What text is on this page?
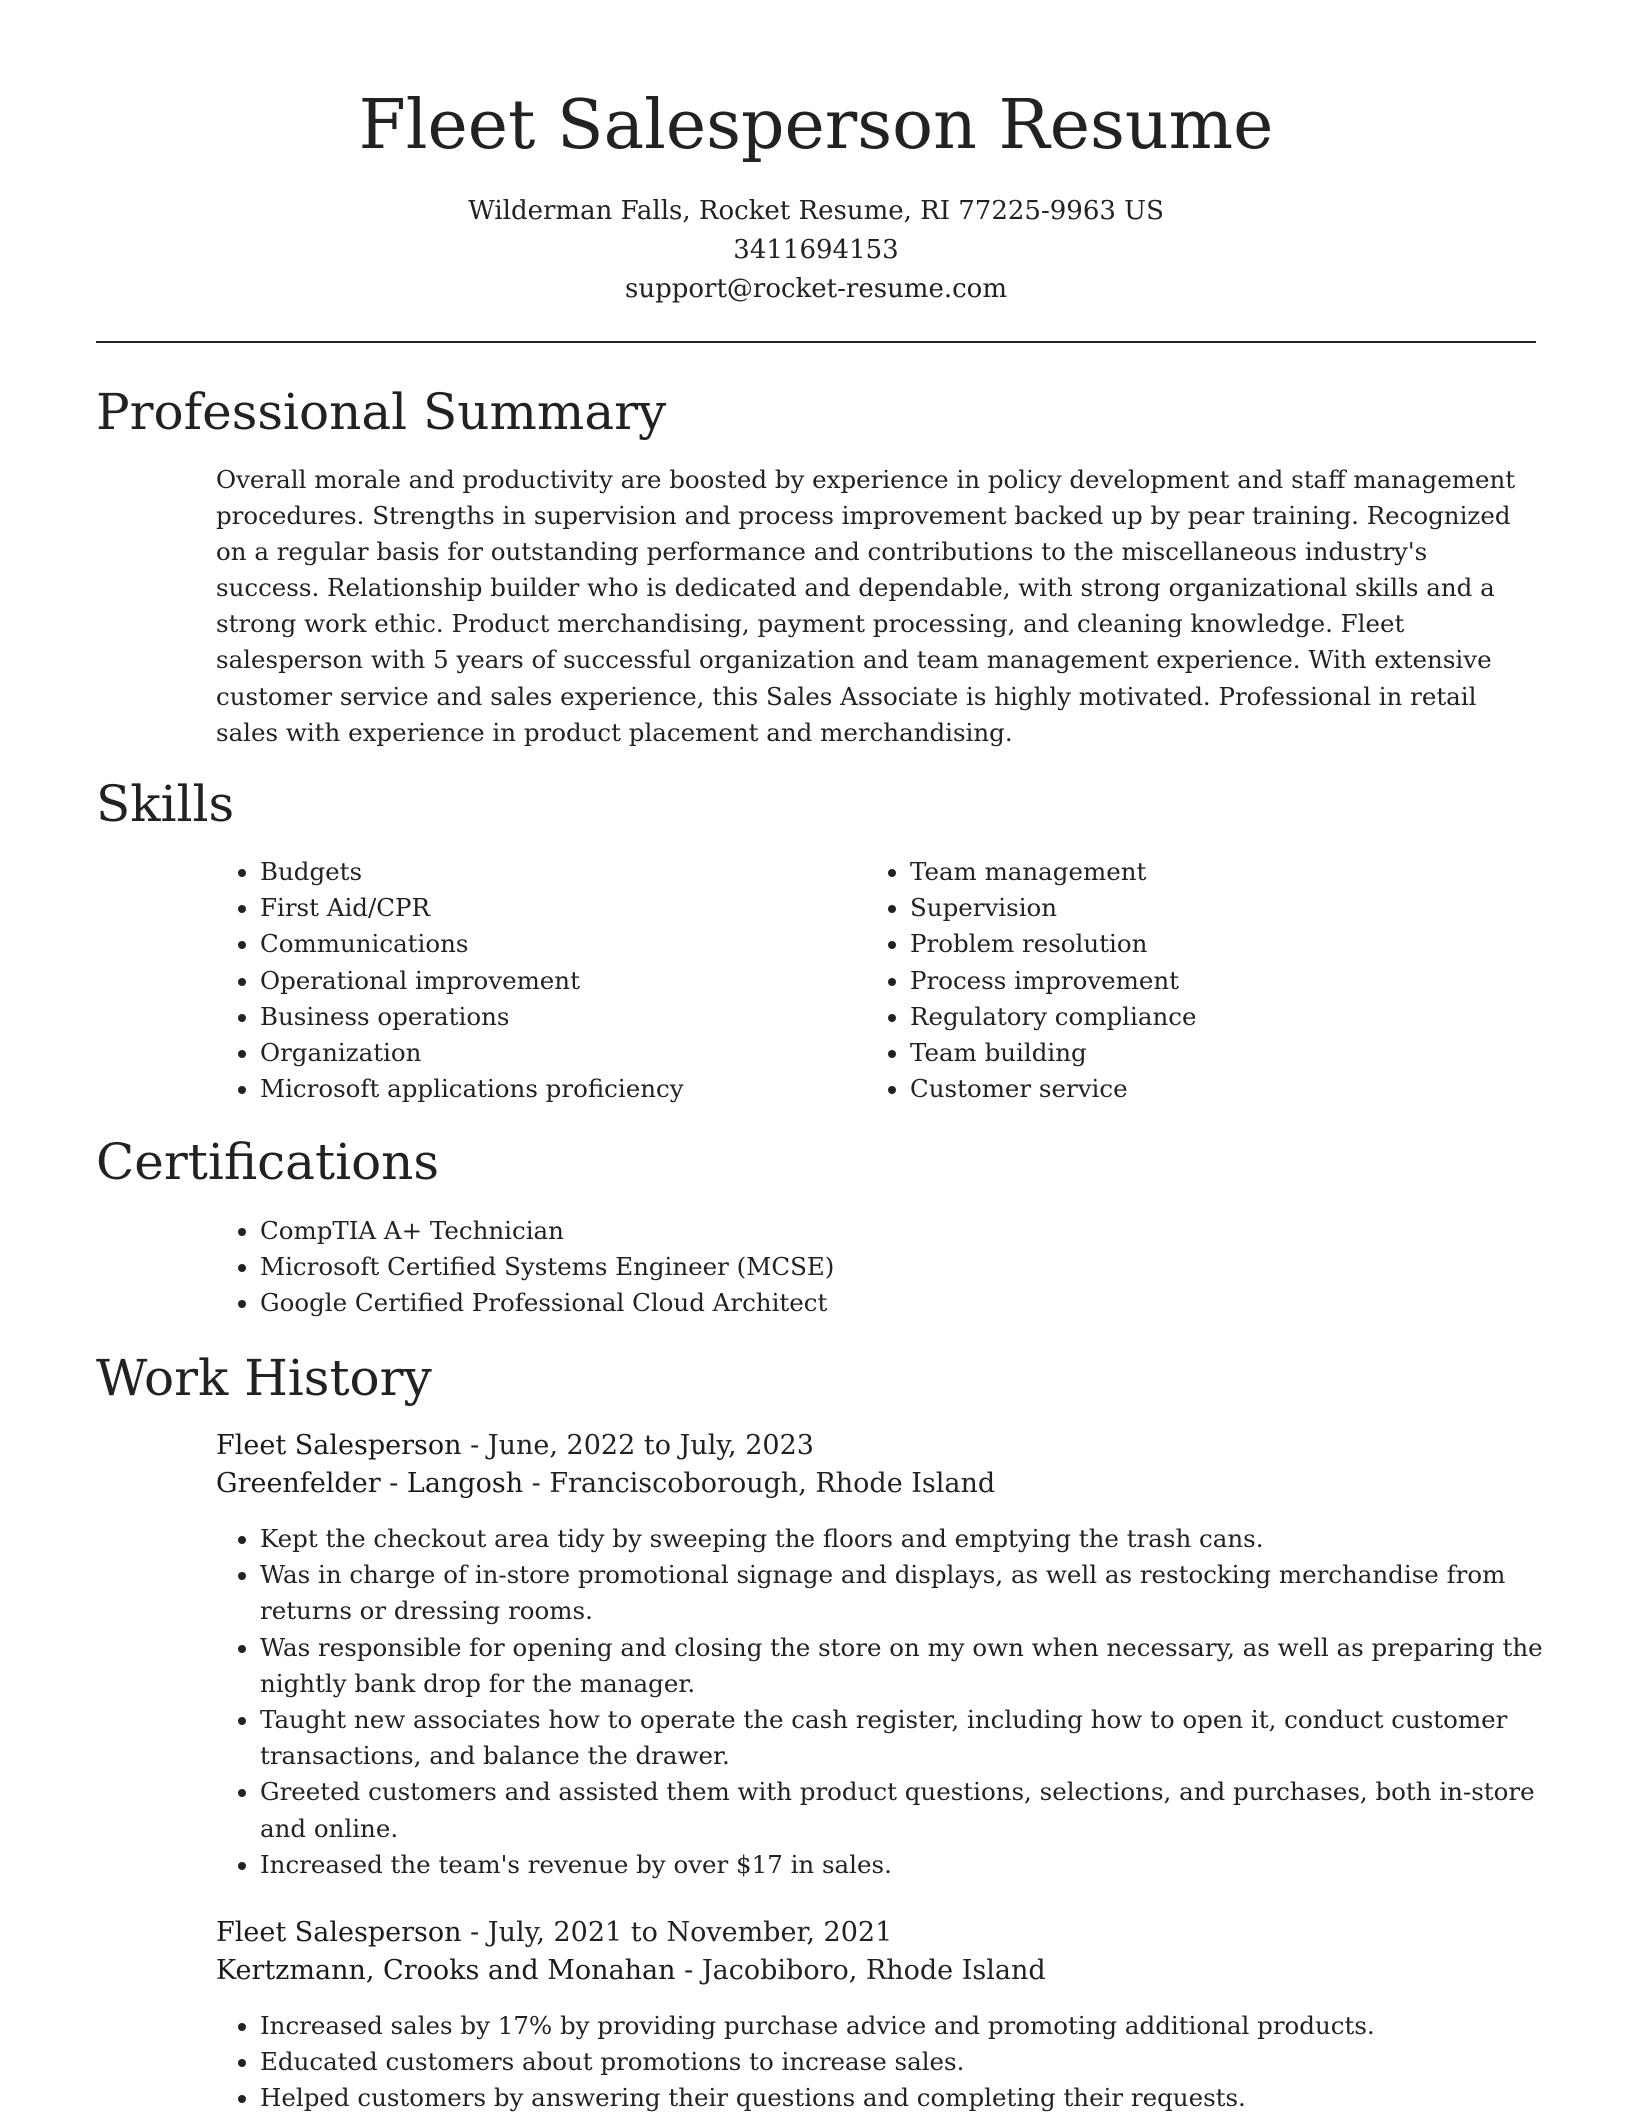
Fleet Salesperson Resume
Wilderman Falls, Rocket Resume, RI 77225-9963 US
3411694153
support@rocket-resume.com
Professional Summary

Overall morale and productivity are boosted by experience in policy development and staff management procedures. Strengths in supervision and process improvement backed up by pear training. Recognized on a regular basis for outstanding performance and contributions to the miscellaneous industry's success. Relationship builder who is dedicated and dependable, with strong organizational skills and a strong work ethic. Product merchandising, payment processing, and cleaning knowledge. Fleet salesperson with 5 years of successful organization and team management experience. With extensive customer service and sales experience, this Sales Associate is highly motivated. Professional in retail sales with experience in product placement and merchandising.

Skills
• Budgets
• First Aid/CPR
• Communications
• Operational improvement
• Business operations
• Organization
• Microsoft applications proficiency
• Team management
• Supervision
• Problem resolution
• Process improvement
• Regulatory compliance
• Team building
• Customer service
Certifications
• CompTIA A+ Technician
• Microsoft Certified Systems Engineer (MCSE)
• Google Certified Professional Cloud Architect
Work History
Fleet Salesperson - June, 2022 to July, 2023
Greenfelder - Langosh - Franciscoborough, Rhode Island
• Kept the checkout area tidy by sweeping the floors and emptying the trash cans.
• Was in charge of in-store promotional signage and displays, as well as restocking merchandise from returns or dressing rooms.
• Was responsible for opening and closing the store on my own when necessary, as well as preparing the nightly bank drop for the manager.
• Taught new associates how to operate the cash register, including how to open it, conduct customer transactions, and balance the drawer.
• Greeted customers and assisted them with product questions, selections, and purchases, both in-store and online.
• Increased the team's revenue by over $17 in sales.
Fleet Salesperson - July, 2021 to November, 2021
Kertzmann, Crooks and Monahan - Jacobiboro, Rhode Island
• Increased sales by 17% by providing purchase advice and promoting additional products.
• Educated customers about promotions to increase sales.
• Helped customers by answering their questions and completing their requests.
